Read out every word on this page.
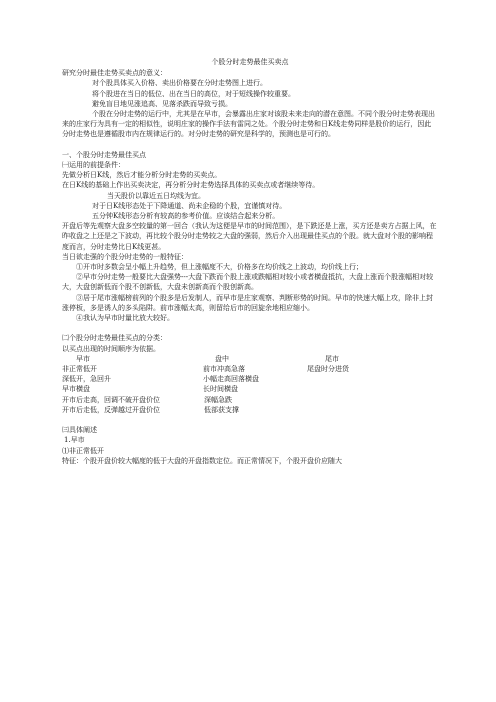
个股分时走势最佳买卖点

研究分时最佳走势买卖点的意义：

对个股具体买入价格、卖出价格要在分时走势图上进行。

将个股进在当日的低位、出在当日的高位，对于短线操作较重要。

避免盲目地见涨追高、见落杀跌而导致亏损。

个股在分时走势的运行中，尤其是在早市，会暴露出庄家对该股未来走向的潜在意图。不同个股分时走势表现出来的庄家行为具有一定的相似性，说明庄家的操作手法有雷同之处。个股分时走势和日K线走势同样是股价的运行，因此分时走势也是遵循股市内在规律运行的。对分时走势的研究是科学的，预测也是可行的。

一、个股分时走势最佳买点

㈠运用的前提条件：

先做分析日K线，然后才能分析分时走势的买卖点。

在日K线的基础上作出买卖决定，再分析分时走势选择具体的买卖点或者继续等待。

当天股价以靠近五日均线为宜。

对于日K线形态处于下降通道、尚未企稳的个股，宜谨慎对待。

五分钟K线形态分析有较高的参考价值。应该结合起来分析。

开盘后等先观察大盘多空较量的第一回合（我认为这便是早市的时间范围），是下跌还是上涨，买方还是卖方占据上风，在昨收盘之上还是之下波动，再比较个股分时走势较之大盘的强弱，然后介入出现最佳买点的个股。就大盘对个股的影响程度而言，分时走势比日K线更甚。

当日欲走强的个股分时走势的一般特征：

①开市时多数会呈小幅上升趋势，但上涨幅度不大，价格多在均价线之上波动，均价线上行；

②早市分时走势一般要比大盘强势---大盘下跌而个股上涨或跌幅相对较小或者横盘抵抗，大盘上涨而个股涨幅相对较大，大盘创新低而个股不创新低，大盘未创新高而个股创新高。

③居于尾市涨幅榜前列的个股多是后发制人，而早市是庄家观察、判断形势的时间。早市的快速大幅上攻，除非上封涨停板，多是诱人的多头陷阱。前市涨幅太高，则留给后市的回旋余地相应缩小。

④我认为早市时量比放大较好。

㈡个股分时走势最佳买点的分类：

以买点出现的时间顺序为依据。

早市	盘中	尾市
非正常低开	前市冲高急落	尾盘时分进货
深低开，急回升	小幅走高回落横盘
早市横盘	长时间横盘
开市后走高，回调不破开盘价位	深幅急跌
开市后走低，反弹越过开盘价位	低部获支撑

㈢具体阐述

1.早市

⑴非正常低开

特征：个股开盘价较大幅度的低于大盘的开盘指数定位。而正常情况下，个股开盘价应随大
